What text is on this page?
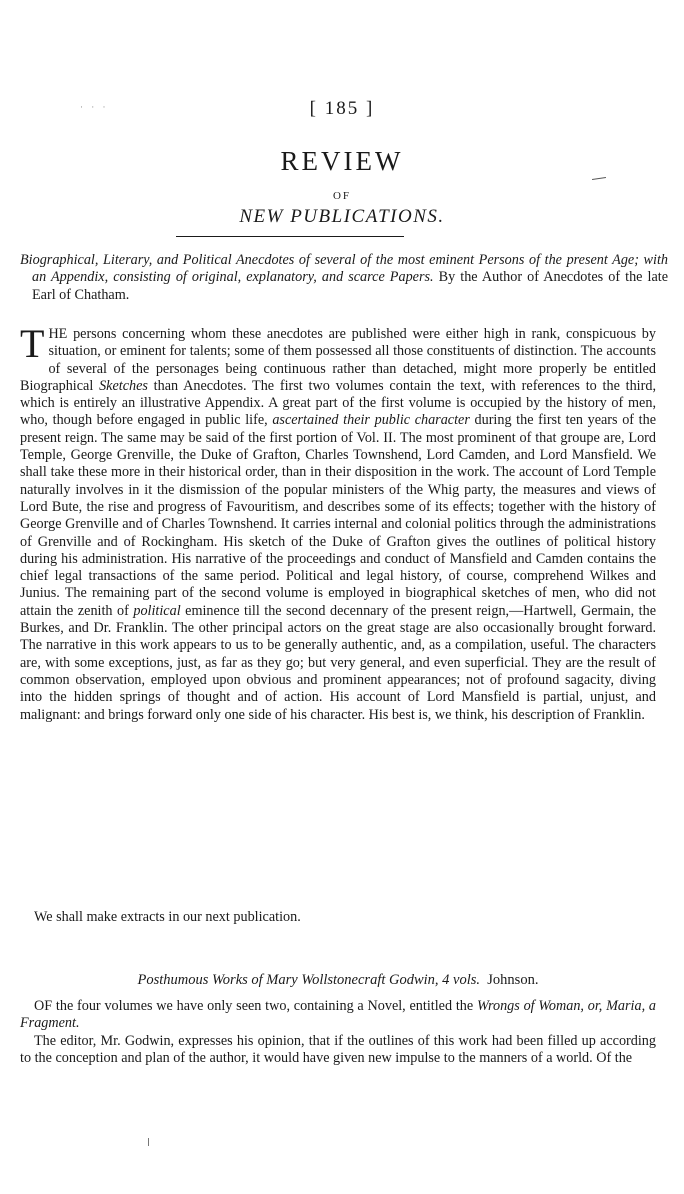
· · ·	[ 185 ]
REVIEW
OF
NEW PUBLICATIONS.
Biographical, Literary, and Political Anecdotes of several of the most eminent Persons of the present Age; with an Appendix, consisting of original, explanatory, and scarce Papers. By the Author of Anecdotes of the late Earl of Chatham.
THE persons concerning whom these anecdotes are published were either high in rank, conspicuous by situation, or eminent for talents; some of them possessed all those constituents of distinction. The accounts of several of the personages being continuous rather than detached, might more properly be entitled Biographical Sketches than Anecdotes. The first two volumes contain the text, with references to the third, which is entirely an illustrative Appendix. A great part of the first volume is occupied by the history of men, who, though before engaged in public life, ascertained their public character during the first ten years of the present reign. The same may be said of the first portion of Vol. II. The most prominent of that groupe are, Lord Temple, George Grenville, the Duke of Grafton, Charles Townshend, Lord Camden, and Lord Mansfield. We shall take these more in their historical order, than in their disposition in the work. The account of Lord Temple naturally involves in it the dismission of the popular ministers of the Whig party, the measures and views of Lord Bute, the rise and progress of Favouritism, and describes some of its effects; together with the history of George Grenville and of Charles Townshend. It carries internal and colonial politics through the administrations of Grenville and of Rockingham. His sketch of the Duke of Grafton gives the outlines of political history during his administration. His narrative of the proceedings and conduct of Mansfield and Camden contains the chief legal transactions of the same period. Political and legal history, of course, comprehend Wilkes and Junius. The remaining part of the second volume is employed in biographical sketches of men, who did not attain the zenith of political eminence till the second decennary of the present reign,—Hartwell, Germain, the Burkes, and Dr. Franklin. The other principal actors on the great stage are also occasionally brought forward. The narrative in this work appears to us to be generally authentic, and, as a compilation, useful. The characters are, with some exceptions, just, as far as they go; but very general, and even superficial. They are the result of common observation, employed upon obvious and prominent appearances; not of profound sagacity, diving into the hidden springs of thought and of action. His account of Lord Mansfield is partial, unjust, and malignant: and brings forward only one side of his character. His best is, we think, his description of Franklin.
We shall make extracts in our next publication.
Posthumous Works of Mary Wollstonecraft Godwin, 4 vols. Johnson.

OF the four volumes we have only seen two, containing a Novel, entitled the Wrongs of Woman, or, Maria, a Fragment.

The editor, Mr. Godwin, expresses his opinion, that if the outlines of this work had been filled up according to the conception and plan of the author, it would have given new impulse to the manners of a world. Of the
